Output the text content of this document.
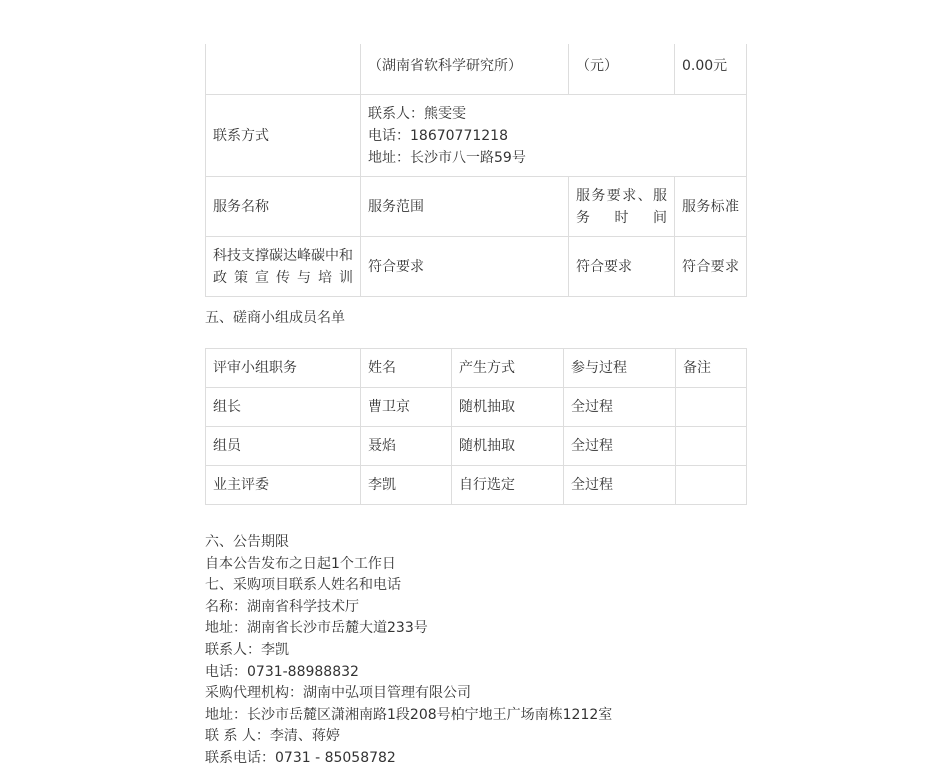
	（湖南省软科学研究所）	（元）	0.00元
联系方式	联系人：熊雯雯
电话：18670771218
地址：长沙市八一路59号		

服务名称	服务范围	服务要求、服务时间	服务标准
科技支撑碳达峰碳中和政策宣传与培训	符合要求	符合要求	符合要求
五、磋商小组成员名单
评审小组职务	姓名	产生方式	参与过程	备注
组长	曹卫京	随机抽取	全过程	
组员	聂焰	随机抽取	全过程	
业主评委	李凯	自行选定	全过程	
六、公告期限
自本公告发布之日起1个工作日
七、采购项目联系人姓名和电话
名称：湖南省科学技术厅
地址：湖南省长沙市岳麓大道233号
联系人：李凯
电话：0731-88988832
采购代理机构：湖南中弘项目管理有限公司
地址：长沙市岳麓区潇湘南路1段208号柏宁地王广场南栋1212室
联 系 人：李清、蒋婷
联系电话：0731 - 85058782
